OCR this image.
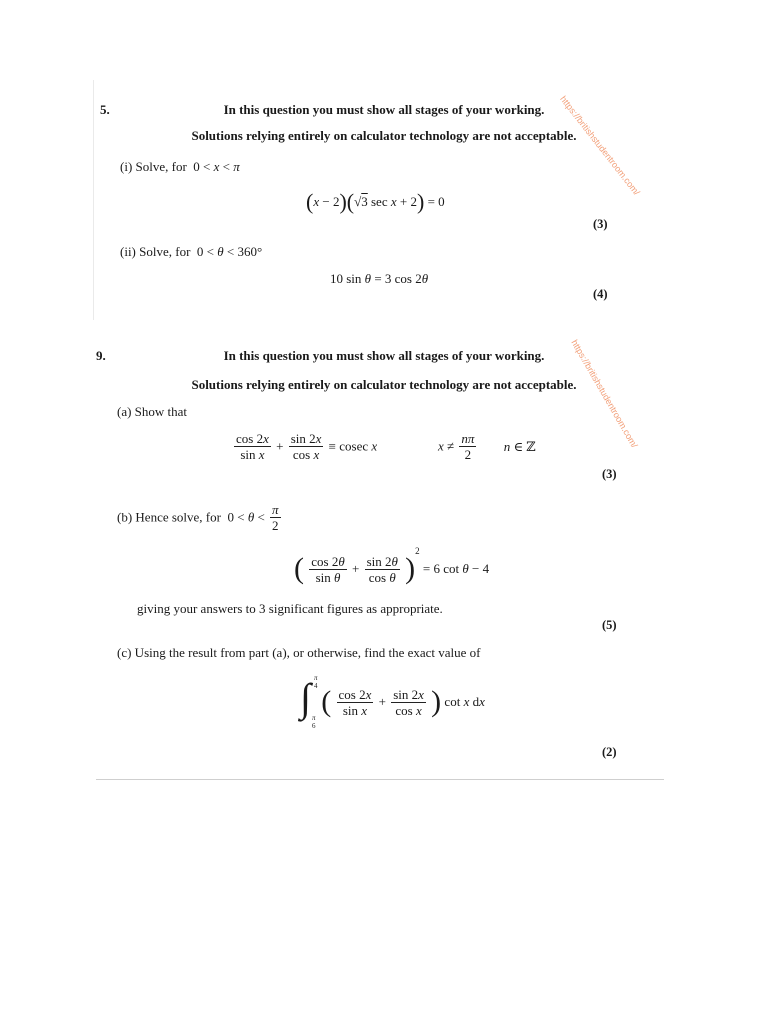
5.	In this question you must show all stages of your working.
Solutions relying entirely on calculator technology are not acceptable.
https://britishstudentroom.com/
(i) Solve, for 0 < x < π
(x − 2)(√3 sec x + 2) = 0
(3)
(ii) Solve, for 0 < θ < 360°
10 sin θ = 3 cos 2θ
(4)
9.	In this question you must show all stages of your working.
Solutions relying entirely on calculator technology are not acceptable.
https://britishstudentroom.com/
(a) Show that
$\frac{\cos 2x}{\text{sin x}} + \frac{\sin 2x}{\text{cos x}} \equiv cosec$ x	$x \ne \frac{n\pi}{2}$ n ∈ ℤ
(3)
(b) Hence solve, for $0 < \theta < \frac{\pi}{2}$
( $\frac{\cos 2\theta}{\text{sin θ}} + \frac{\sin 2\theta}{\text{cos θ}} )^2 = 6$ cot θ − 4
giving your answers to 3 significant figures as appropriate.
(5)
(c) Using the result from part (a), or otherwise, find the exact value of
∫ π
4
π
6
( $\frac{\cos 2x}{\text{sin x}} + \frac{\sin 2x}{\text{cos x}}$ ) cot x dx
(2)
